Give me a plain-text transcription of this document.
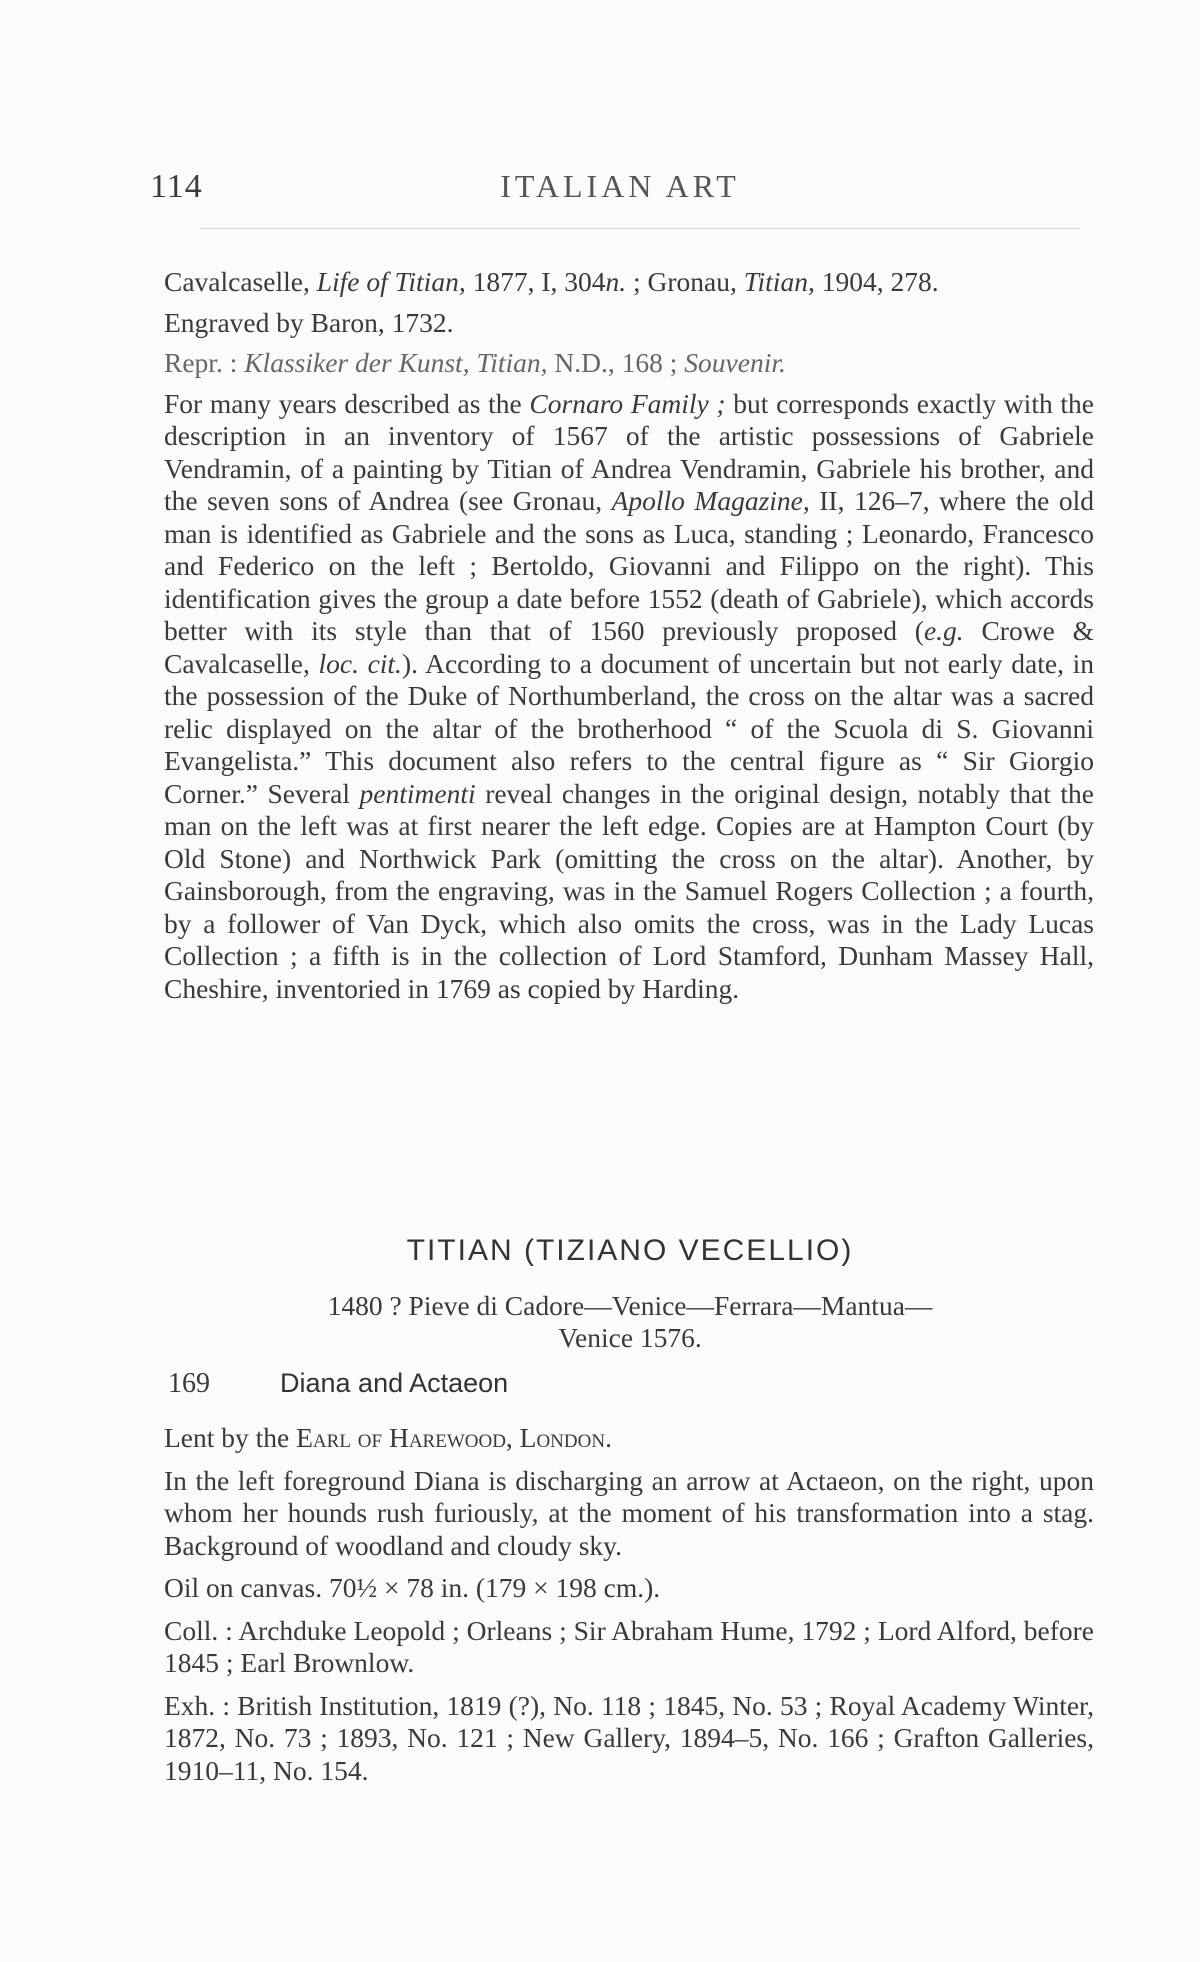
114	ITALIAN ART

Cavalcaselle, Life of Titian, 1877, I, 304n. ; Gronau, Titian, 1904, 278.

Engraved by Baron, 1732.

Repr. : Klassiker der Kunst, Titian, N.D., 168 ; Souvenir.

For many years described as the Cornaro Family ; but corresponds exactly with the description in an inventory of 1567 of the artistic possessions of Gabriele Vendramin, of a painting by Titian of Andrea Vendramin, Gabriele his brother, and the seven sons of Andrea (see Gronau, Apollo Magazine, II, 126–7, where the old man is identified as Gabriele and the sons as Luca, standing ; Leonardo, Francesco and Federico on the left ; Bertoldo, Giovanni and Filippo on the right). This identification gives the group a date before 1552 (death of Gabriele), which accords better with its style than that of 1560 previously proposed (e.g. Crowe & Cavalcaselle, loc. cit.). According to a document of uncertain but not early date, in the possession of the Duke of Northumberland, the cross on the altar was a sacred relic displayed on the altar of the brotherhood “ of the Scuola di S. Giovanni Evangelista.” This document also refers to the central figure as “ Sir Giorgio Corner.” Several pentimenti reveal changes in the original design, notably that the man on the left was at first nearer the left edge. Copies are at Hampton Court (by Old Stone) and Northwick Park (omitting the cross on the altar). Another, by Gainsborough, from the engraving, was in the Samuel Rogers Collection ; a fourth, by a follower of Van Dyck, which also omits the cross, was in the Lady Lucas Collection ; a fifth is in the collection of Lord Stamford, Dunham Massey Hall, Cheshire, inventoried in 1769 as copied by Harding.

TITIAN (TIZIANO VECELLIO)
1480 ? Pieve di Cadore—Venice—Ferrara—Mantua—
Venice 1576.
169	Diana and Actaeon

Lent by the Earl of Harewood, London.

In the left foreground Diana is discharging an arrow at Actaeon, on the right, upon whom her hounds rush furiously, at the moment of his transformation into a stag. Background of woodland and cloudy sky.

Oil on canvas. 70½ × 78 in. (179 × 198 cm.).

Coll. : Archduke Leopold ; Orleans ; Sir Abraham Hume, 1792 ; Lord Alford, before 1845 ; Earl Brownlow.

Exh. : British Institution, 1819 (?), No. 118 ; 1845, No. 53 ; Royal Academy Winter, 1872, No. 73 ; 1893, No. 121 ; New Gallery, 1894–5, No. 166 ; Grafton Galleries, 1910–11, No. 154.
